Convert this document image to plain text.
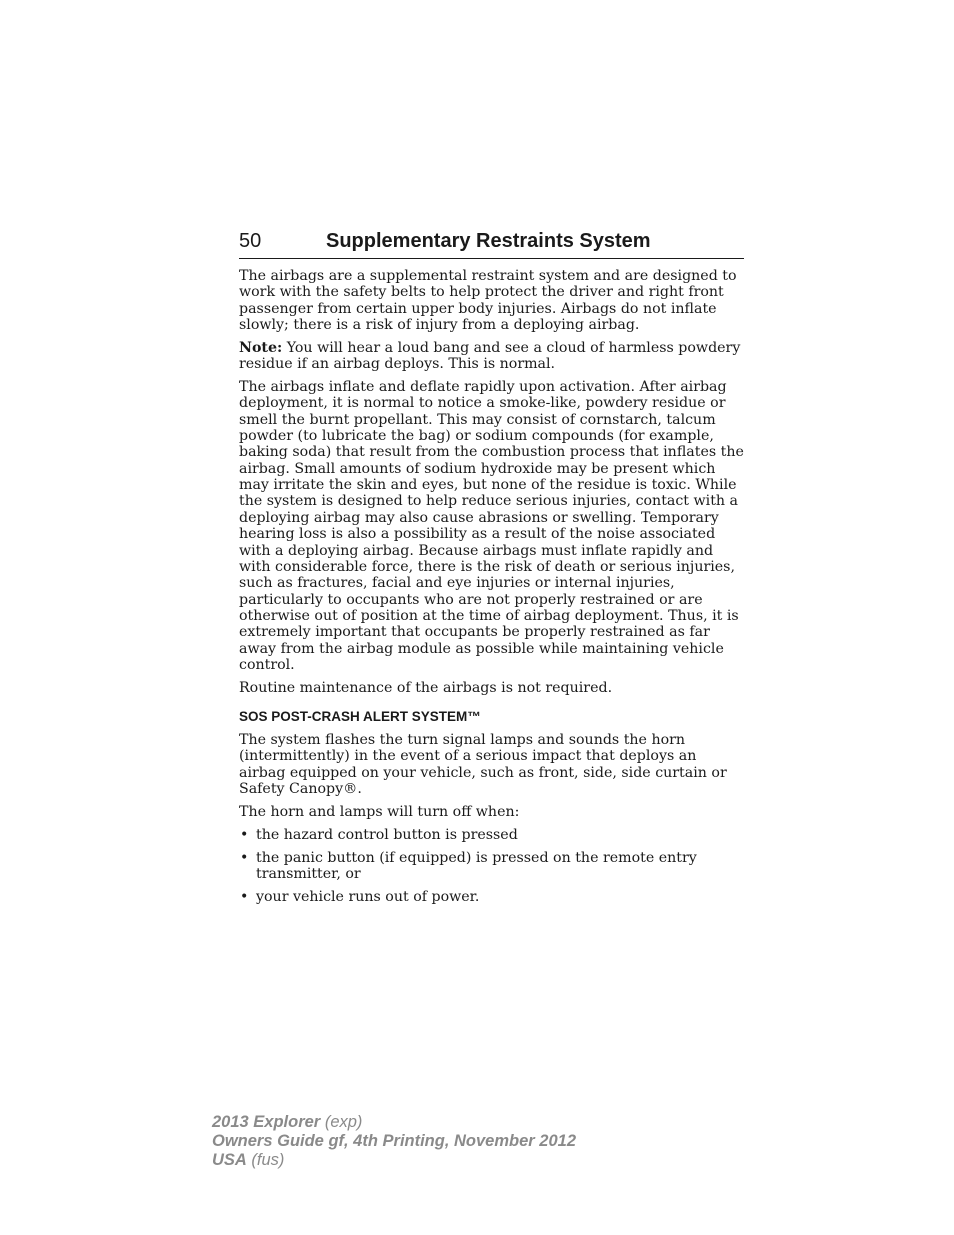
50	Supplementary Restraints System

The airbags are a supplemental restraint system and are designed to work with the safety belts to help protect the driver and right front passenger from certain upper body injuries. Airbags do not inflate slowly; there is a risk of injury from a deploying airbag.

Note: You will hear a loud bang and see a cloud of harmless powdery residue if an airbag deploys. This is normal.

The airbags inflate and deflate rapidly upon activation. After airbag deployment, it is normal to notice a smoke-like, powdery residue or smell the burnt propellant. This may consist of cornstarch, talcum powder (to lubricate the bag) or sodium compounds (for example, baking soda) that result from the combustion process that inflates the airbag. Small amounts of sodium hydroxide may be present which may irritate the skin and eyes, but none of the residue is toxic. While the system is designed to help reduce serious injuries, contact with a deploying airbag may also cause abrasions or swelling. Temporary hearing loss is also a possibility as a result of the noise associated with a deploying airbag. Because airbags must inflate rapidly and with considerable force, there is the risk of death or serious injuries, such as fractures, facial and eye injuries or internal injuries, particularly to occupants who are not properly restrained or are otherwise out of position at the time of airbag deployment. Thus, it is extremely important that occupants be properly restrained as far away from the airbag module as possible while maintaining vehicle control.

Routine maintenance of the airbags is not required.

SOS POST-CRASH ALERT SYSTEM™

The system flashes the turn signal lamps and sounds the horn (intermittently) in the event of a serious impact that deploys an airbag equipped on your vehicle, such as front, side, side curtain or Safety Canopy®.

The horn and lamps will turn off when:

• the hazard control button is pressed
• the panic button (if equipped) is pressed on the remote entry transmitter, or
• your vehicle runs out of power.
2013 Explorer (exp)
Owners Guide gf, 4th Printing, November 2012
USA (fus)
